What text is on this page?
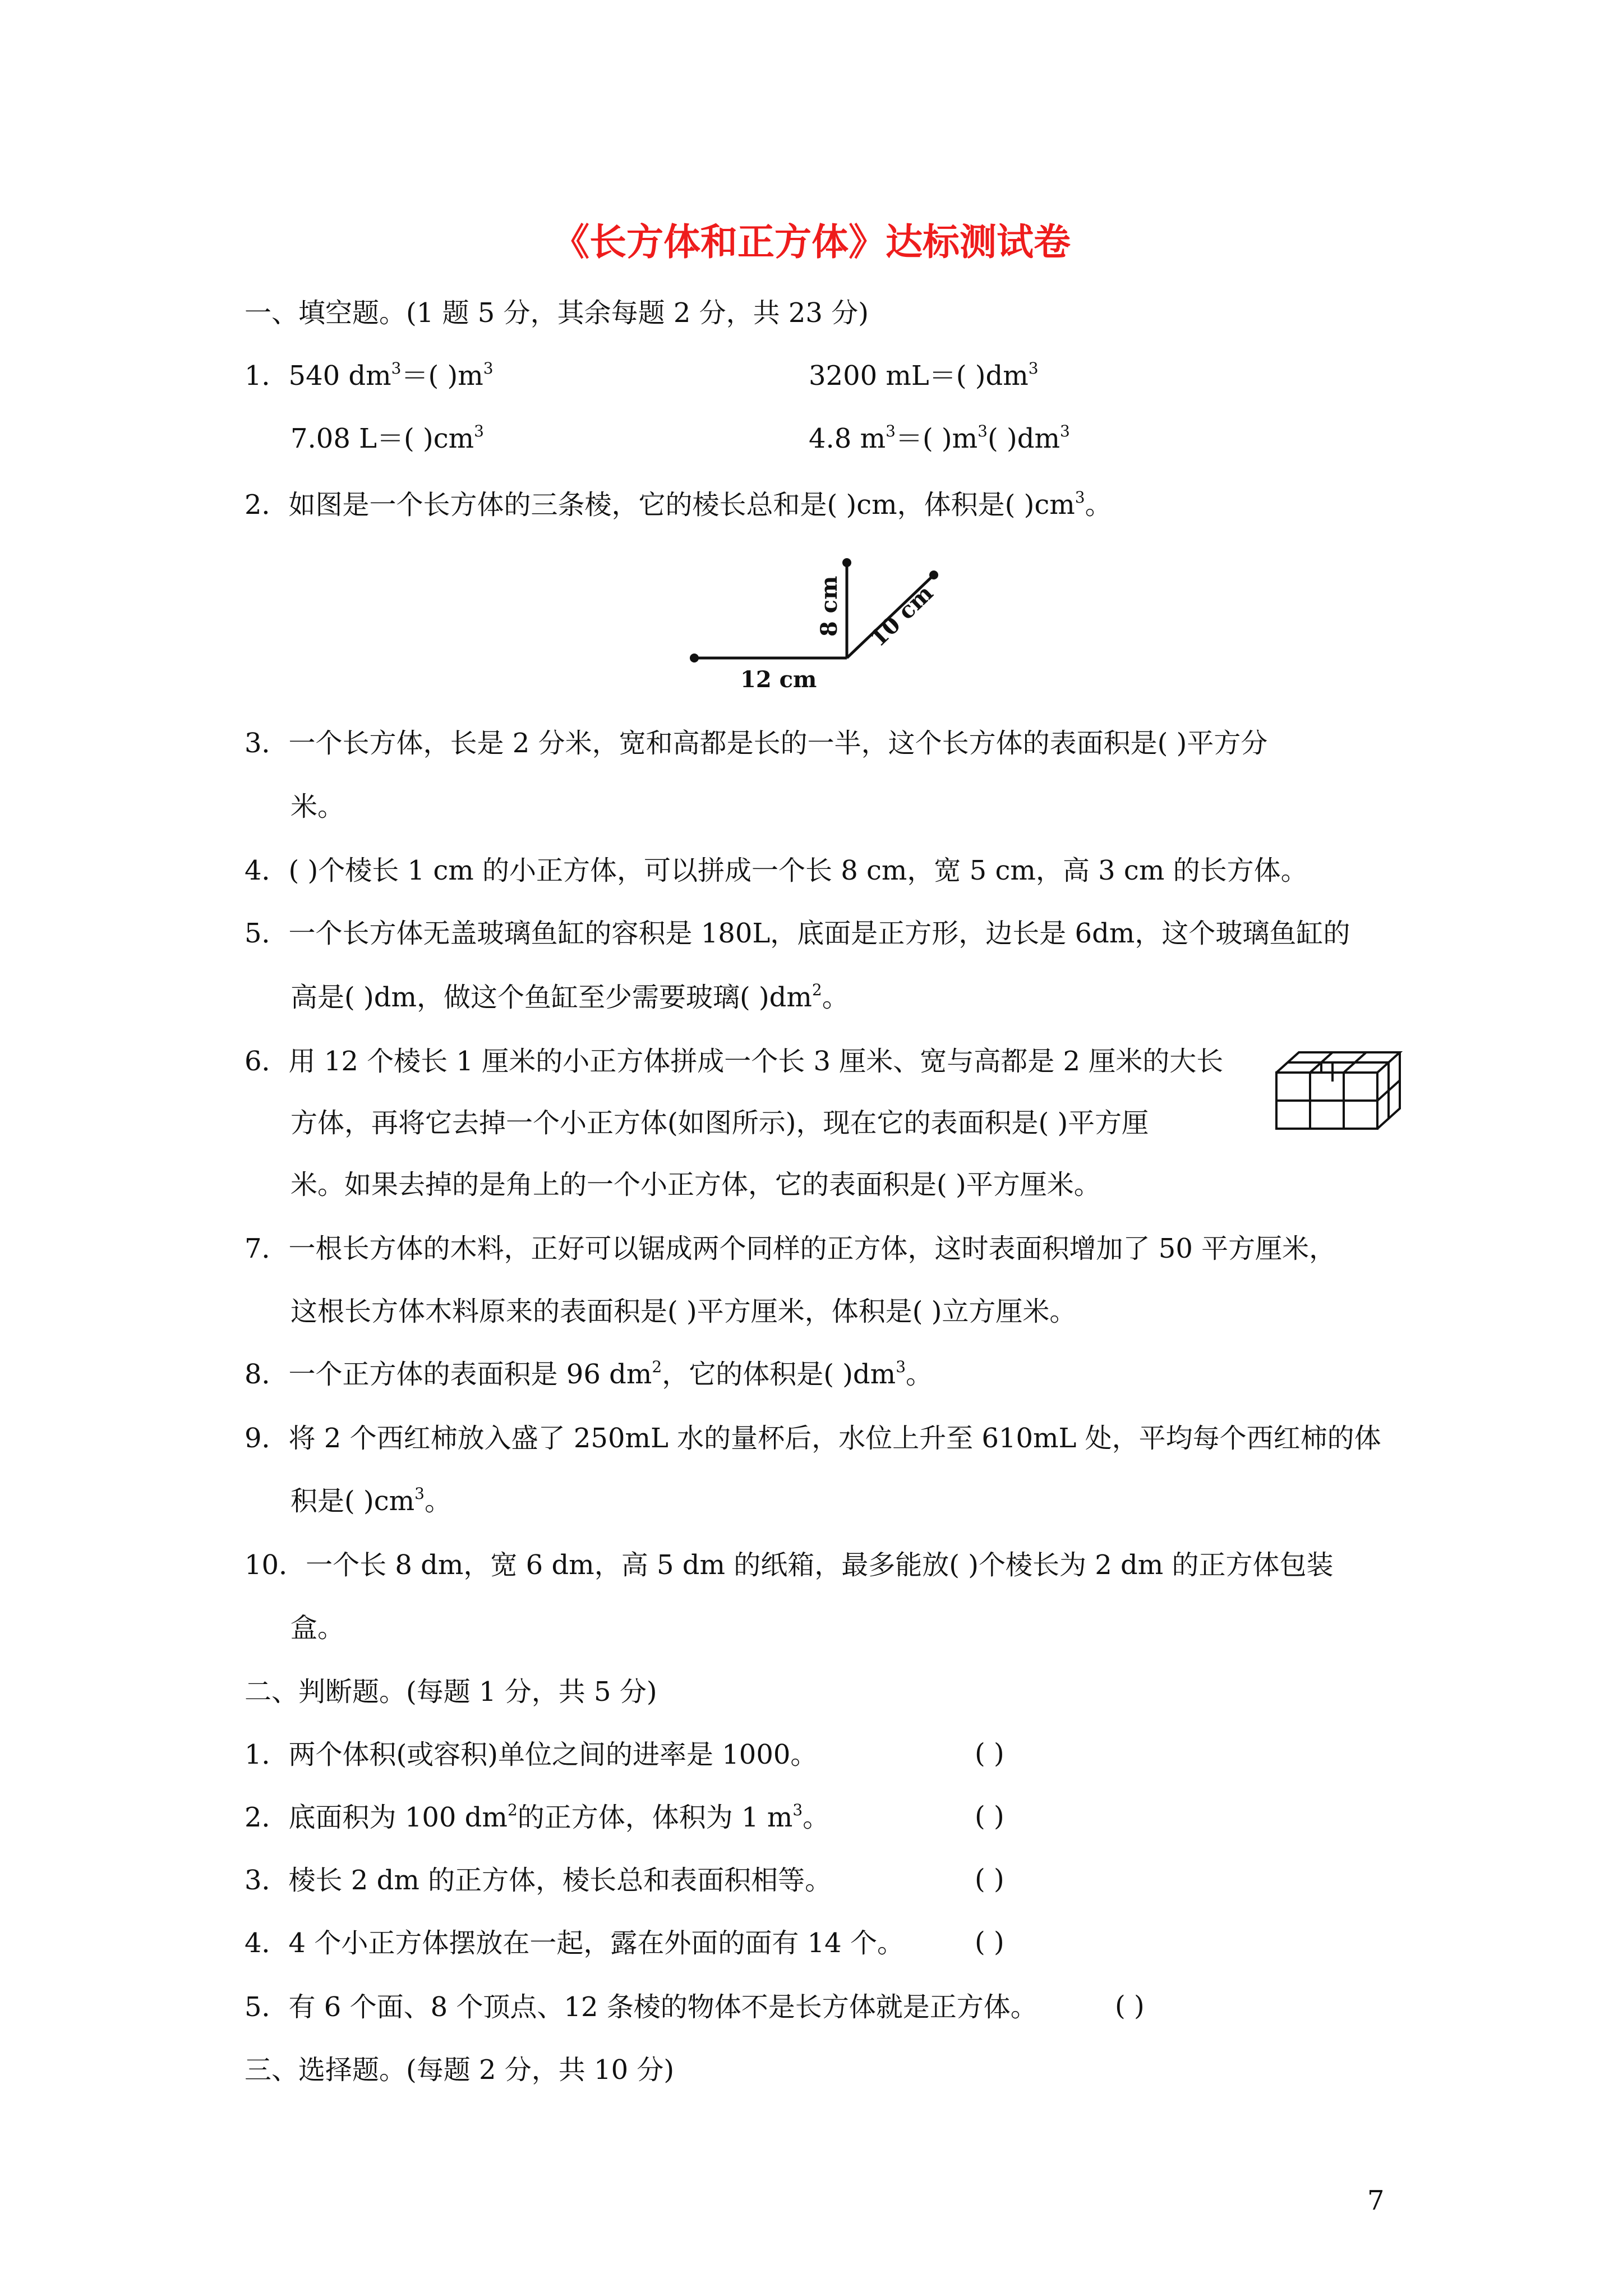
《长方体和正方体》达标测试卷
一、填空题。(1 题 5 分，其余每题 2 分，共 23 分)
1．540 $dm^3=$( )$m^3$	3200 mL＝( )$dm^3$
7.08 L＝( )$cm^3$	4.8 $m^3=$( )$m^3$( )$dm^3$
2．如图是一个长方体的三条棱，它的棱长总和是( )cm，体积是( )$cm^3$。
12 cm
8 cm 10 cm
3．一个长方体，长是 2 分米，宽和高都是长的一半，这个长方体的表面积是( )平方分
米。
4．( )个棱长 1 cm 的小正方体，可以拼成一个长 8 cm，宽 5 cm，高 3 cm 的长方体。
5．一个长方体无盖玻璃鱼缸的容积是 180L，底面是正方形，边长是 6dm，这个玻璃鱼缸的
高是( )dm，做这个鱼缸至少需要玻璃( )$dm^2$。
6．用 12 个棱长 1 厘米的小正方体拼成一个长 3 厘米、宽与高都是 2 厘米的大长
方体，再将它去掉一个小正方体(如图所示)，现在它的表面积是( )平方厘
米。如果去掉的是角上的一个小正方体，它的表面积是( )平方厘米。
7．一根长方体的木料，正好可以锯成两个同样的正方体，这时表面积增加了 50 平方厘米，
这根长方体木料原来的表面积是( )平方厘米，体积是( )立方厘米。
8．一个正方体的表面积是 96 $dm^2$，它的体积是( )$dm^3$。
9．将 2 个西红柿放入盛了 250mL 水的量杯后，水位上升至 610mL 处，平均每个西红柿的体
积是( )$cm^3$。
10．一个长 8 dm，宽 6 dm，高 5 dm 的纸箱，最多能放( )个棱长为 2 dm 的正方体包装
盒。
二、判断题。(每题 1 分，共 5 分)
1．两个体积(或容积)单位之间的进率是 1000。	( )
2．底面积为 100 $dm^2$的正方体，体积为 1 $m^3$。	( )
3．棱长 2 dm 的正方体，棱长总和表面积相等。	( )
4．4 个小正方体摆放在一起，露在外面的面有 14 个。	( )
5．有 6 个面、8 个顶点、12 条棱的物体不是长方体就是正方体。	( )
三、选择题。(每题 2 分，共 10 分)
7
